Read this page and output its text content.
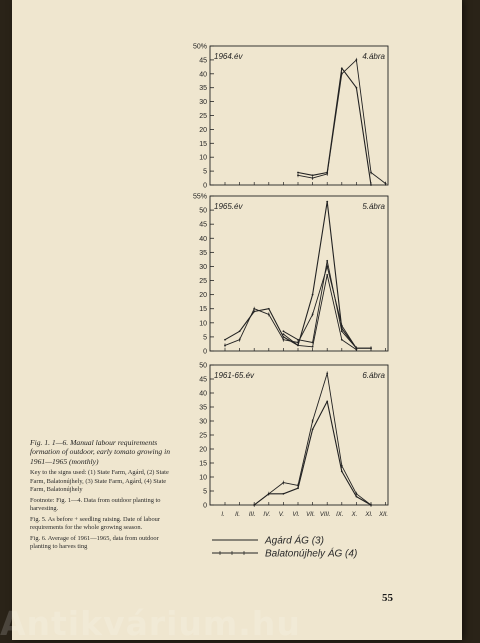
0
5
10
15
20
25
30
35
40
45
50%
1964.év	4.ábra
0
5
10
15
20
25
30
35
40
45
50
55%
1965.év	5.ábra
0
5
10
15
20
25
30
35
40
45
50
1961-65.év	6.ábra
I. II. III. IV. V. VI. VII. VIII. IX. X. XI. XII.
Agárd ÁG (3)
Balatonújhely ÁG (4)
Fig. 1. 1—6. Manual labour requirements formation of outdoor, early tomato growing in 1961—1965 (monthly)
Key to the signs used: (1) State Farm, Agárd, (2) State Farm, Balatonújhely, (3) State Farm, Agárd, (4) State Farm, Balatonújhely
Footnote: Fig. 1—4. Data from outdoor planting to harvesting.
Fig. 5. As before + seedling raising. Date of labour requirements for the whole growing season.
Fig. 6. Average of 1961—1965, data from outdoor planting to harves ting
55
Antikvárium.hu
